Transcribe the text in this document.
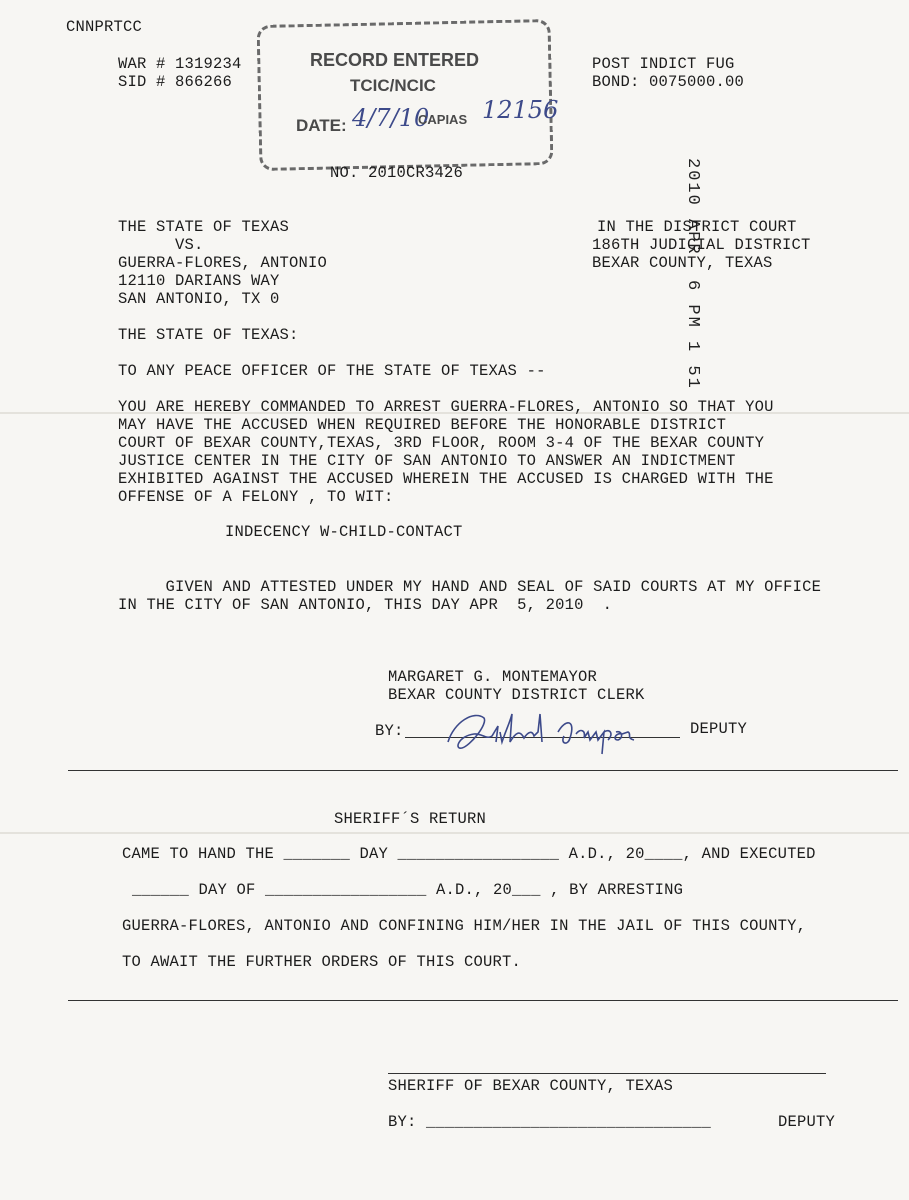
CNNPRTCC
WAR # 1319234
SID # 866266
RECORD ENTERED
TCIC/NCIC
DATE: 4/7/10
CAPIAS 12156
POST INDICT FUG
BOND: 0075000.00
2010 APR  6 PM 1 51
NO. 2010CR3426
THE STATE OF TEXAS
VS.
GUERRA-FLORES, ANTONIO
12110 DARIANS WAY
SAN ANTONIO, TX 0
IN THE DISTRICT COURT
186TH JUDICIAL DISTRICT
BEXAR COUNTY, TEXAS
THE STATE OF TEXAS:
TO ANY PEACE OFFICER OF THE STATE OF TEXAS --
YOU ARE HEREBY COMMANDED TO ARREST GUERRA-FLORES, ANTONIO SO THAT YOU
MAY HAVE THE ACCUSED WHEN REQUIRED BEFORE THE HONORABLE DISTRICT
COURT OF BEXAR COUNTY,TEXAS, 3RD FLOOR, ROOM 3-4 OF THE BEXAR COUNTY
JUSTICE CENTER IN THE CITY OF SAN ANTONIO TO ANSWER AN INDICTMENT
EXHIBITED AGAINST THE ACCUSED WHEREIN THE ACCUSED IS CHARGED WITH THE
OFFENSE OF A FELONY , TO WIT:
INDECENCY W-CHILD-CONTACT
GIVEN AND ATTESTED UNDER MY HAND AND SEAL OF SAID COURTS AT MY OFFICE
IN THE CITY OF SAN ANTONIO, THIS DAY APR  5, 2010  .
MARGARET G. MONTEMAYOR
BEXAR COUNTY DISTRICT CLERK
BY:	DEPUTY
SHERIFF´S RETURN
CAME TO HAND THE _______ DAY _________________ A.D., 20____, AND EXECUTED
______ DAY OF _________________ A.D., 20___ , BY ARRESTING
GUERRA-FLORES, ANTONIO AND CONFINING HIM/HER IN THE JAIL OF THIS COUNTY,
TO AWAIT THE FURTHER ORDERS OF THIS COURT.
SHERIFF OF BEXAR COUNTY, TEXAS
BY: ______________________________	DEPUTY
